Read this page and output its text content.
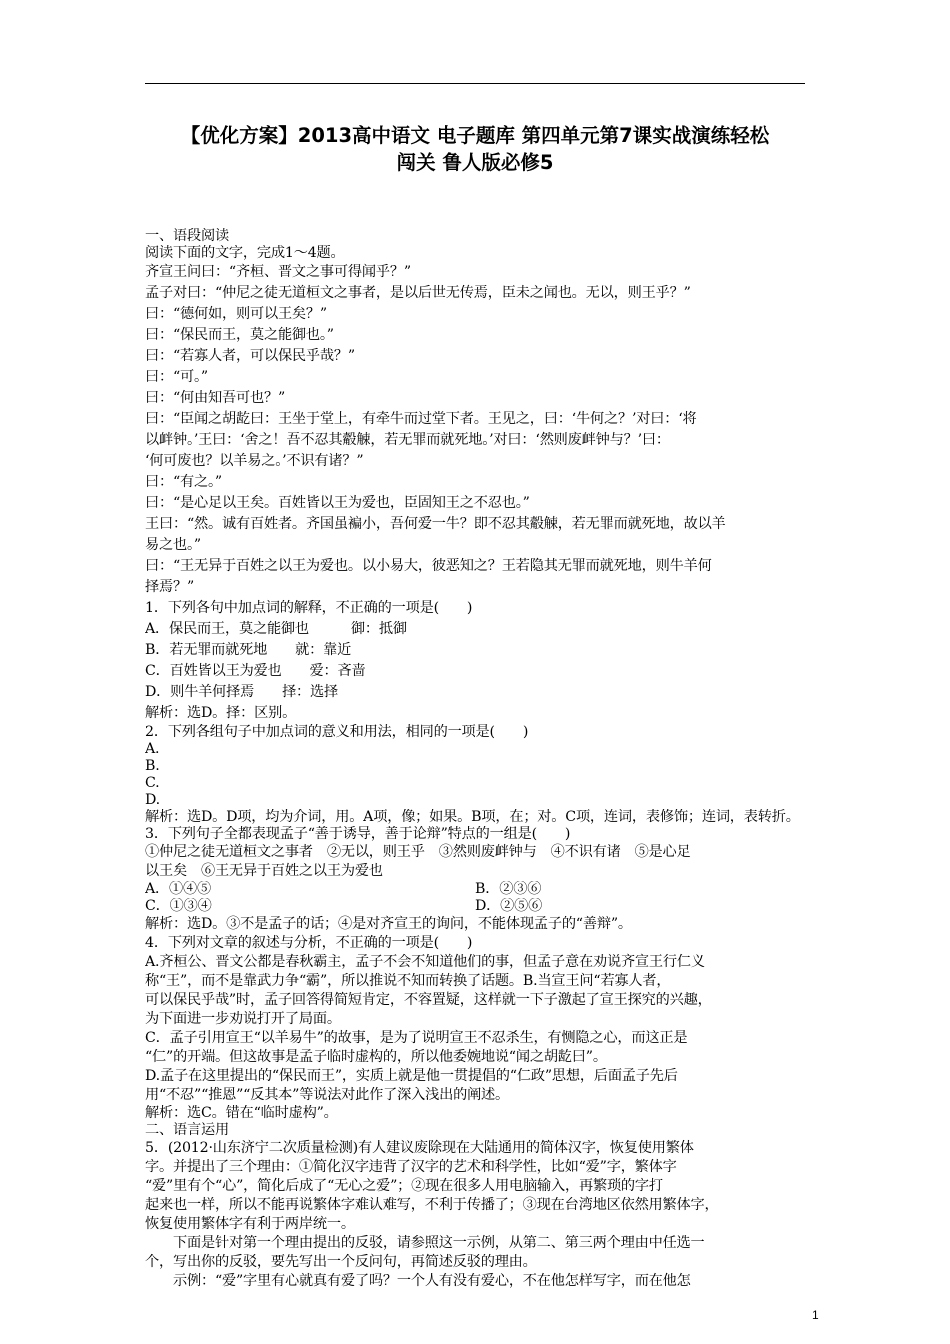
【优化方案】2013高中语文 电子题库 第四单元第7课实战演练轻松
闯关 鲁人版必修5
一、语段阅读
阅读下面的文字，完成1～4题。
齐宣王问曰：“齐桓、晋文之事可得闻乎？”
孟子对曰：“仲尼之徒无道桓文之事者，是以后世无传焉，臣未之闻也。无以，则王乎？”
曰：“德何如，则可以王矣？”
曰：“保民而王，莫之能御也。”
曰：“若寡人者，可以保民乎哉？”
曰：“可。”
曰：“何由知吾可也？”
曰：“臣闻之胡龁曰：王坐于堂上，有牵牛而过堂下者。王见之，曰：‘牛何之？’对曰：‘将
以衅钟。’王曰：‘舍之！吾不忍其觳觫，若无罪而就死地。’对曰：‘然则废衅钟与？’曰：
‘何可废也？以羊易之。’不识有诸？”
曰：“有之。”
曰：“是心足以王矣。百姓皆以王为爱也，臣固知王之不忍也。”
王曰：“然。诚有百姓者。齐国虽褊小，吾何爱一牛？即不忍其觳觫，若无罪而就死地，故以羊
易之也。”
曰：“王无异于百姓之以王为爱也。以小易大，彼恶知之？王若隐其无罪而就死地，则牛羊何
择焉？”
1．下列各句中加点词的解释，不正确的一项是(　　)
A．保民而王，莫之能御也　　　御：抵御
B．若无罪而就死地　　就：靠近
C．百姓皆以王为爱也　　爱：吝啬
D．则牛羊何择焉　　择：选择
解析：选D。择：区别。
2．下列各组句子中加点词的意义和用法，相同的一项是(　　)
A.
B.
C.
D.
解析：选D。D项，均为介词，用。A项，像；如果。B项，在；对。C项，连词，表修饰；连词，表转折。
3．下列句子全都表现孟子“善于诱导，善于论辩”特点的一组是(　　)
①仲尼之徒无道桓文之事者　②无以，则王乎　③然则废衅钟与　④不识有诸　⑤是心足
以王矣　⑥王无异于百姓之以王为爱也
A．①④⑤	B．②③⑥
C．①③④	D．②⑤⑥
解析：选D。③不是孟子的话；④是对齐宣王的询问，不能体现孟子的“善辩”。
4．下列对文章的叙述与分析，不正确的一项是(　　)
A.齐桓公、晋文公都是春秋霸主，孟子不会不知道他们的事，但孟子意在劝说齐宣王行仁义
称“王”，而不是靠武力争“霸”，所以推说不知而转换了话题。B.当宣王问“若寡人者，
可以保民乎哉”时，孟子回答得简短肯定，不容置疑，这样就一下子激起了宣王探究的兴趣，
为下面进一步劝说打开了局面。
C．孟子引用宣王“以羊易牛”的故事，是为了说明宣王不忍杀生，有恻隐之心，而这正是
“仁”的开端。但这故事是孟子临时虚构的，所以他委婉地说“闻之胡龁曰”。
D.孟子在这里提出的“保民而王”，实质上就是他一贯提倡的“仁政”思想，后面孟子先后
用“不忍”“推恩”“反其本”等说法对此作了深入浅出的阐述。
解析：选C。错在“临时虚构”。
二、语言运用
5．(2012·山东济宁二次质量检测)有人建议废除现在大陆通用的简体汉字，恢复使用繁体
字。并提出了三个理由：①简化汉字违背了汉字的艺术和科学性，比如“爱”字，繁体字
“爱”里有个“心”，简化后成了“无心之爱”；②现在很多人用电脑输入，再繁琐的字打
起来也一样，所以不能再说繁体字难认难写，不利于传播了；③现在台湾地区依然用繁体字，
恢复使用繁体字有利于两岸统一。
下面是针对第一个理由提出的反驳，请参照这一示例，从第二、第三两个理由中任选一
个，写出你的反驳，要先写出一个反问句，再简述反驳的理由。
示例：“爱”字里有心就真有爱了吗？一个人有没有爱心，不在他怎样写字，而在他怎
1
